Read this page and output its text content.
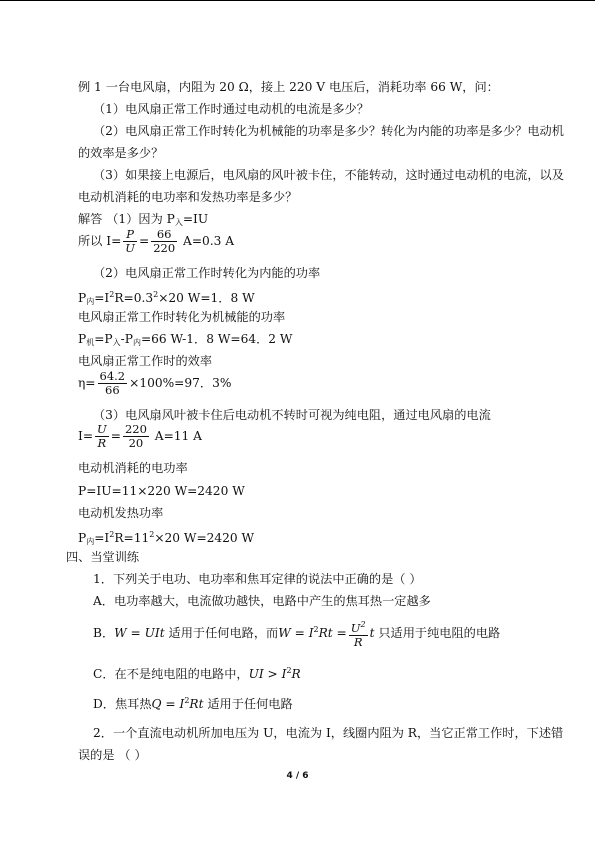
例 1 一台电风扇，内阻为 20 Ω，接上 220 V 电压后，消耗功率 66 W，问：
（1）电风扇正常工作时通过电动机的电流是多少？
（2）电风扇正常工作时转化为机械能的功率是多少？转化为内能的功率是多少？电动机
的效率是多少？
（3）如果接上电源后，电风扇的风叶被卡住，不能转动，这时通过电动机的电流，以及
电动机消耗的电功率和发热功率是多少？
解答 （1）因为 $P_入=IU$
所以 $I= \frac{P}{U} = \frac{66}{220} A=0.3$ A
（2）电风扇正常工作时转化为内能的功率
$P_内=I^2R=0.3^2\times 20$ W=1．8 W
电风扇正常工作时转化为机械能的功率
$P_机=P_入-P_内=66$ W-1．8 W=64．2 W
电风扇正常工作时的效率
$\eta= \frac{64.2}{66} \times 100\%=97$．3%
（3）电风扇风叶被卡住后电动机不转时可视为纯电阻，通过电风扇的电流
$I= \frac{U}{R} = \frac{220}{20} A=11$ A
电动机消耗的电功率
P=IU=11×220 W=2420 W
电动机发热功率
$P_内=I^2R=11^2\times 20$ W=2420 W
四、当堂训练
1．下列关于电功、电功率和焦耳定律的说法中正确的是（ ）
A．电功率越大，电流做功越快，电路中产生的焦耳热一定越多
B．W = UIt 适用于任何电路，而$W = I^2Rt = \frac{U^2}{R}$ t 只适用于纯电阻的电路
C．在不是纯电阻的电路中，UI > $I^2R$
D．焦耳热$Q = I^2Rt$ 适用于任何电路
2．一个直流电动机所加电压为 U，电流为 I，线圈内阻为 R，当它正常工作时，下述错
误的是 （ ）
4 / 6
